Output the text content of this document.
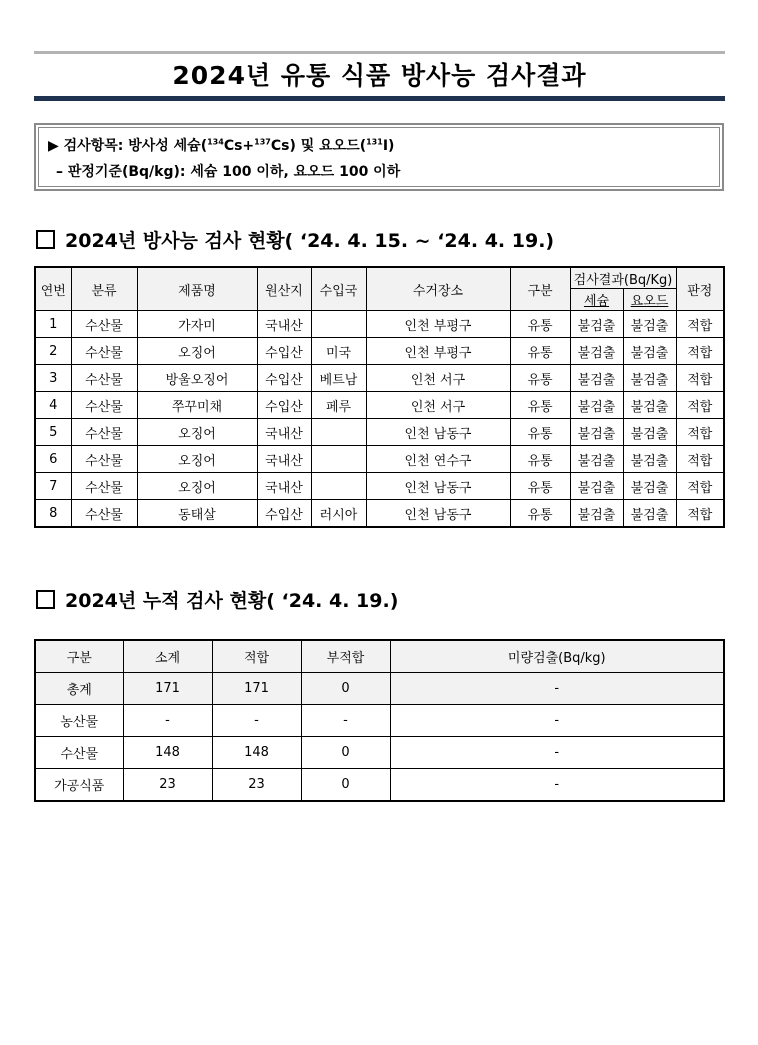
2024년 유통 식품 방사능 검사결과
▶ 검사항목: 방사성 세슘($^{134}$Cs+$^{137}$Cs) 및 요오드($^{131}$I)
– 판정기준(Bq/kg): 세슘 100 이하, 요오드 100 이하
2024년 방사능 검사 현황( ‘24. 4. 15. ~ ‘24. 4. 19.)
연번	분류	제품명	원산지	수입국	수거장소	구분	검사결과(Bq/Kg)		판정
							세슘	요오드	
1	수산물	가자미	국내산		인천 부평구	유통	불검출	불검출	적합
2	수산물	오징어	수입산	미국	인천 부평구	유통	불검출	불검출	적합
3	수산물	방울오징어	수입산	베트남	인천 서구	유통	불검출	불검출	적합
4	수산물	쭈꾸미채	수입산	페루	인천 서구	유통	불검출	불검출	적합
5	수산물	오징어	국내산		인천 남동구	유통	불검출	불검출	적합
6	수산물	오징어	국내산		인천 연수구	유통	불검출	불검출	적합
7	수산물	오징어	국내산		인천 남동구	유통	불검출	불검출	적합
8	수산물	동태살	수입산	러시아	인천 남동구	유통	불검출	불검출	적합
2024년 누적 검사 현황( ‘24. 4. 19.)
구분	소계	적합	부적합	미량검출(Bq/kg)
총계	171	171	0	-
농산물	-	-	-	-
수산물	148	148	0	-
가공식품	23	23	0	-
